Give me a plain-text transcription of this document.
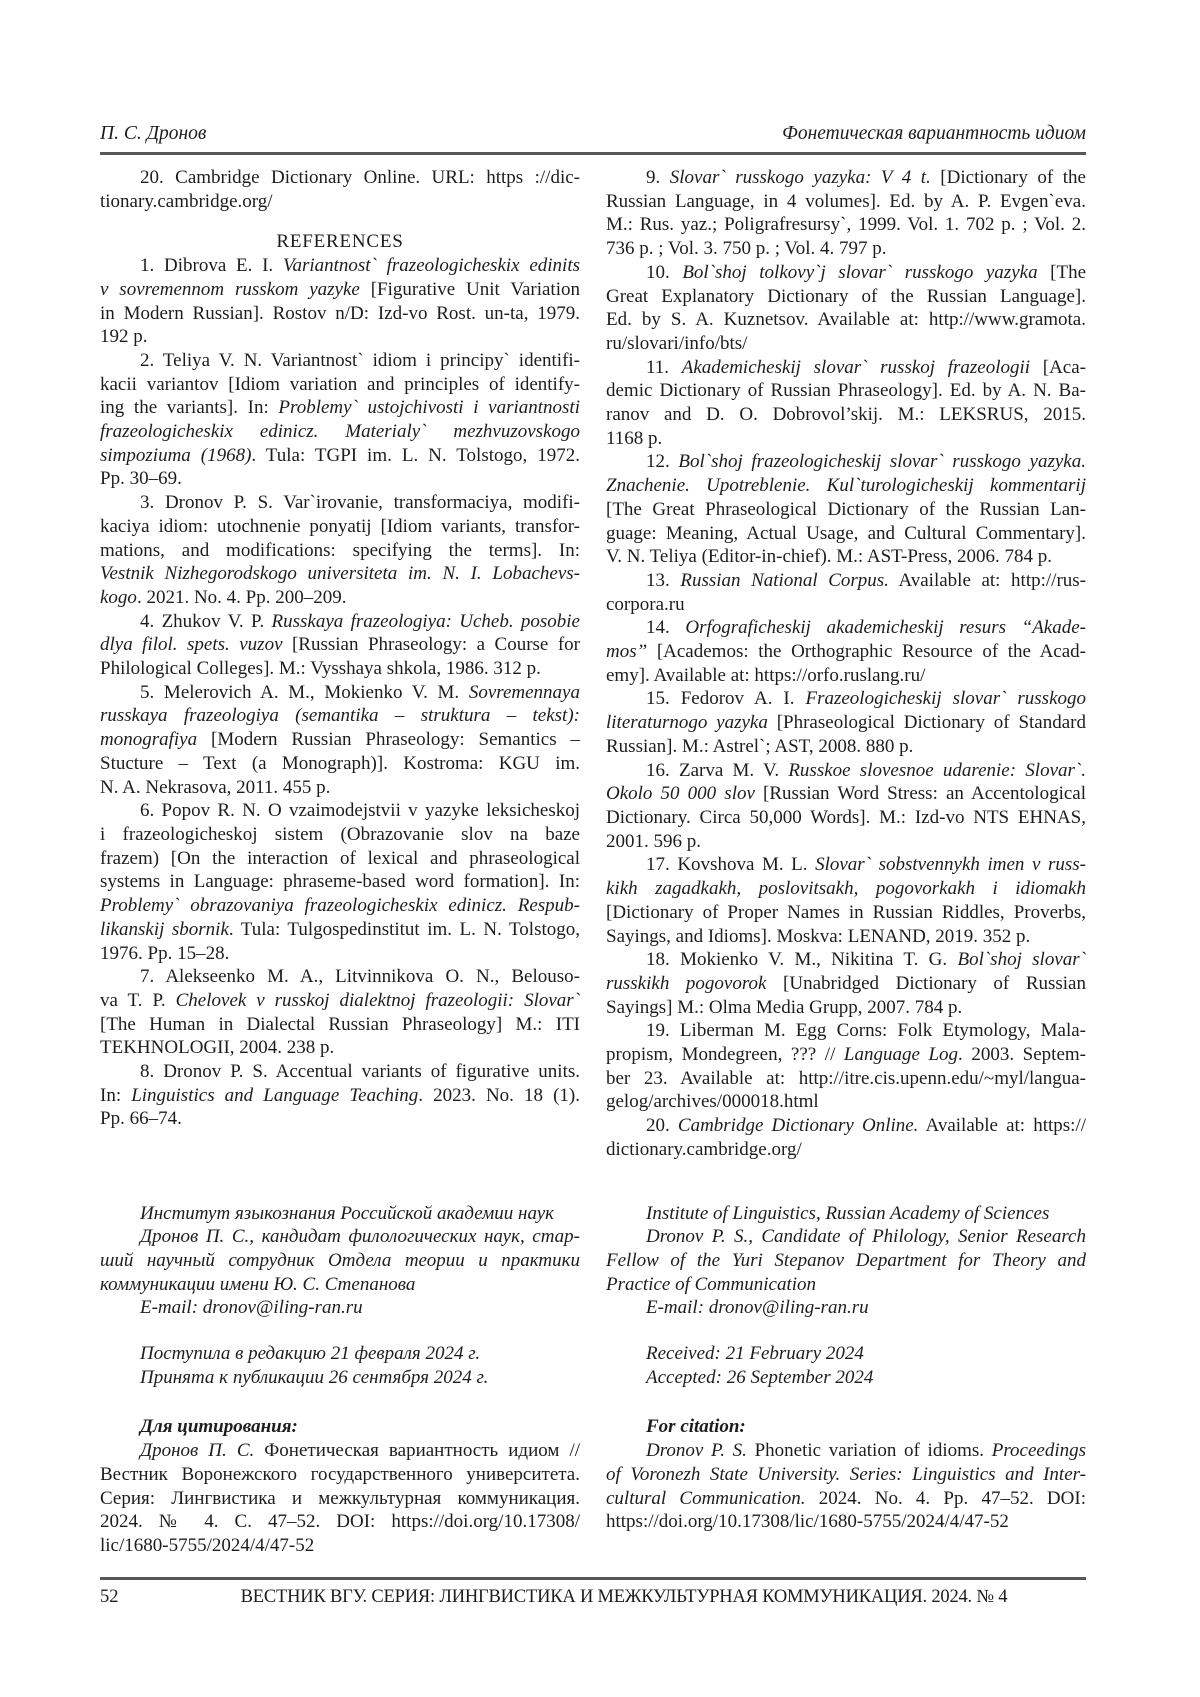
П. С. Дронов	Фонетическая вариантность идиом
20. Cambridge Dictionary Online. URL: https ://dic-
tionary.cambridge.org/
REFERENCES
1. Dibrova E. I. Variantnost` frazeologicheskix edinits
v sovremennom russkom yazyke [Figurative Unit Variation
in Modern Russian]. Rostov n/D: Izd-vo Rost. un-ta, 1979.
192 p.
2. Teliya V. N. Variantnost` idiom i principy` identifi-
kacii variantov [Idiom variation and principles of identify-
ing the variants]. In: Problemy` ustojchivosti i variantnosti
frazeologicheskix edinicz. Materialy` mezhvuzovskogo
simpoziuma (1968). Tula: TGPI im. L. N. Tolstogo, 1972.
Pp. 30–69.
3. Dronov P. S. Var`irovanie, transformaciya, modifi-
kaciya idiom: utochnenie ponyatij [Idiom variants, transfor-
mations, and modifications: specifying the terms]. In:
Vestnik Nizhegorodskogo universiteta im. N. I. Lobachevs-
kogo. 2021. No. 4. Pp. 200–209.
4. Zhukov V. P. Russkaya frazeologiya: Ucheb. posobie
dlya filol. spets. vuzov [Russian Phraseology: a Course for
Philological Colleges]. M.: Vysshaya shkola, 1986. 312 p.
5. Melerovich A. M., Mokienko V. M. Sovremennaya
russkaya frazeologiya (semantika – struktura – tekst):
monografiya [Modern Russian Phraseology: Semantics –
Stucture – Text (a Monograph)]. Kostroma: KGU im.
N. A. Nekrasova, 2011. 455 p.
6. Popov R. N. O vzaimodejstvii v yazyke leksicheskoj
i frazeologicheskoj sistem (Obrazovanie slov na baze
frazem) [On the interaction of lexical and phraseological
systems in Language: phraseme-based word formation]. In:
Problemy` obrazovaniya frazeologicheskix edinicz. Respub-
likanskij sbornik. Tula: Tulgospedinstitut im. L. N. Tolstogo,
1976. Pp. 15–28.
7. Alekseenko M. A., Litvinnikova O. N., Belouso-
va T. P. Chelovek v russkoj dialektnoj frazeologii: Slovar`
[The Human in Dialectal Russian Phraseology] M.: ITI
TEKHNOLOGII, 2004. 238 p.
8. Dronov P. S. Accentual variants of figurative units.
In: Linguistics and Language Teaching. 2023. No. 18 (1).
Pp. 66–74.
9. Slovar` russkogo yazyka: V 4 t. [Dictionary of the
Russian Language, in 4 volumes]. Ed. by A. P. Evgen`eva.
M.: Rus. yaz.; Poligrafresursy`, 1999. Vol. 1. 702 p. ; Vol. 2.
736 p. ; Vol. 3. 750 p. ; Vol. 4. 797 p.
10. Bol`shoj tolkovy`j slovar` russkogo yazyka [The
Great Explanatory Dictionary of the Russian Language].
Ed. by S. A. Kuznetsov. Available at: http://www.gramota.
ru/slovari/info/bts/
11. Akademicheskij slovar` russkoj frazeologii [Aca-
demic Dictionary of Russian Phraseology]. Ed. by A. N. Ba-
ranov and D. O. Dobrovol’skij. M.: LEKSRUS, 2015.
1168 p.
12. Bol`shoj frazeologicheskij slovar` russkogo yazyka.
Znachenie. Upotreblenie. Kul`turologicheskij kommentarij
[The Great Phraseological Dictionary of the Russian Lan-
guage: Meaning, Actual Usage, and Cultural Commentary].
V. N. Teliya (Editor-in-chief). M.: AST-Press, 2006. 784 p.
13. Russian National Corpus. Available at: http://rus-
corpora.ru
14. Orfograficheskij akademicheskij resurs “Akade-
mos” [Academos: the Orthographic Resource of the Acad-
emy]. Available at: https://orfo.ruslang.ru/
15. Fedorov A. I. Frazeologicheskij slovar` russkogo
literaturnogo yazyka [Phraseological Dictionary of Standard
Russian]. M.: Astrel`; AST, 2008. 880 p.
16. Zarva M. V. Russkoe slovesnoe udarenie: Slovar`.
Okolo 50 000 slov [Russian Word Stress: an Accentological
Dictionary. Circa 50,000 Words]. M.: Izd-vo NTS EHNAS,
2001. 596 p.
17. Kovshova M. L. Slovar` sobstvennykh imen v russ-
kikh zagadkakh, poslovitsakh, pogovorkakh i idiomakh
[Dictionary of Proper Names in Russian Riddles, Proverbs,
Sayings, and Idioms]. Moskva: LENAND, 2019. 352 p.
18. Mokienko V. M., Nikitina T. G. Bol`shoj slovar`
russkikh pogovorok [Unabridged Dictionary of Russian
Sayings] M.: Olma Media Grupp, 2007. 784 p.
19. Liberman M. Egg Corns: Folk Etymology, Mala-
propism, Mondegreen, ??? // Language Log. 2003. Septem-
ber 23. Available at: http://itre.cis.upenn.edu/~myl/langua-
gelog/archives/000018.html
20. Cambridge Dictionary Online. Available at: https://
dictionary.cambridge.org/
Институт языкознания Российской академии наук
Дронов П. С., кандидат филологических наук, стар-
ший научный сотрудник Отдела теории и практики
коммуникации имени Ю. С. Степанова
E-mail: dronov@iling-ran.ru
Поступила в редакцию 21 февраля 2024 г.
Принята к публикации 26 сентября 2024 г.
Для цитирования:
Дронов П. С. Фонетическая вариантность идиом //
Вестник Воронежского государственного университета.
Серия: Лингвистика и межкультурная коммуникация.
2024. № 4. С. 47–52. DOI: https://doi.org/10.17308/
lic/1680-5755/2024/4/47-52
Institute of Linguistics, Russian Academy of Sciences
Dronov P. S., Candidate of Philology, Senior Research
Fellow of the Yuri Stepanov Department for Theory and
Practice of Communication
E-mail: dronov@iling-ran.ru
Received: 21 February 2024
Accepted: 26 September 2024
For citation:
Dronov P. S. Phonetic variation of idioms. Proceedings
of Voronezh State University. Series: Linguistics and Inter-
cultural Communication. 2024. No. 4. Pp. 47–52. DOI:
https://doi.org/10.17308/lic/1680-5755/2024/4/47-52
52	ВЕСТНИК ВГУ. СЕРИЯ: ЛИНГВИСТИКА И МЕЖКУЛЬТУРНАЯ КОММУНИКАЦИЯ. 2024. № 4
